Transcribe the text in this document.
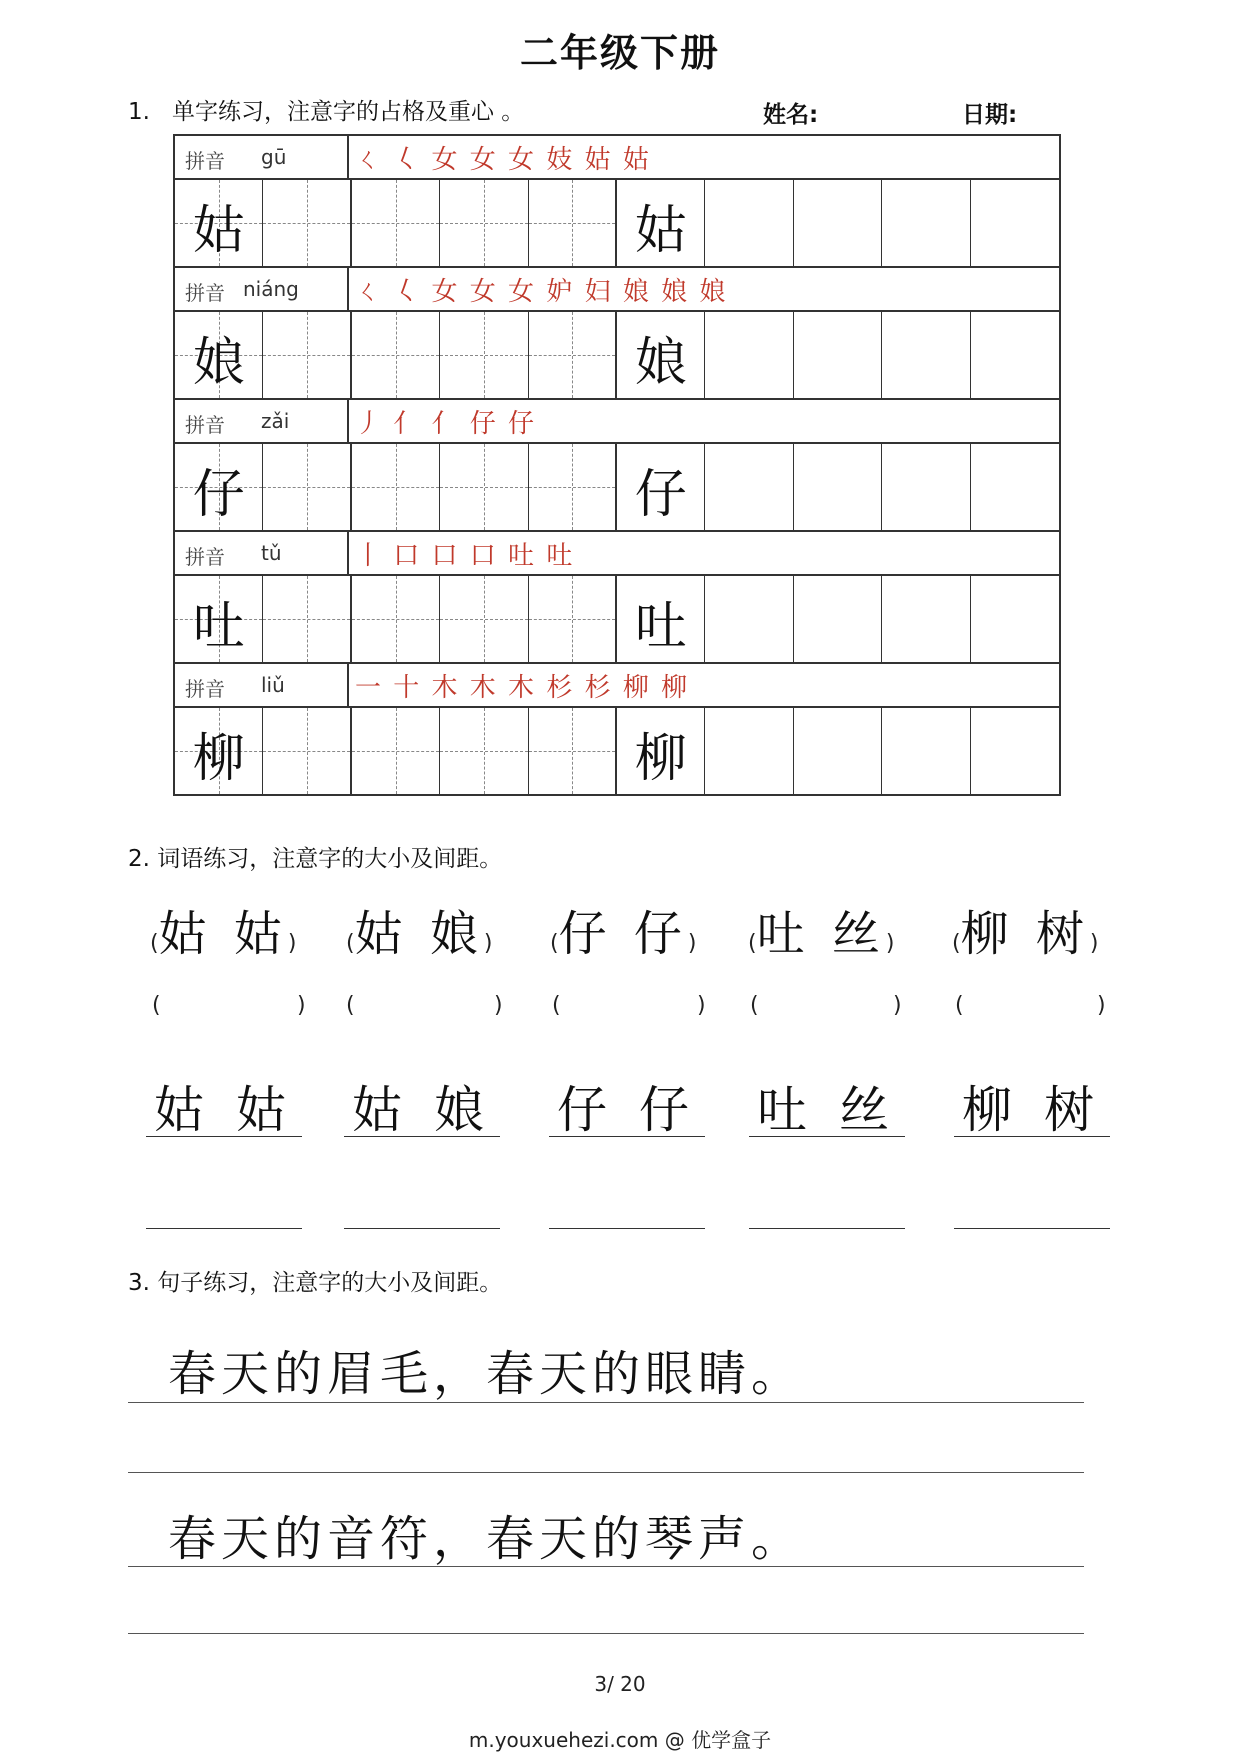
二年级下册
1. 单字练习，注意字的占格及重心 。	姓名:	日期:
拼音 gū	ㄑ 𡿨 女 女 女 妓 姑 姑
姑	姑
拼音 niáng ㄑ 𡿨 女 女 女 妒 妇 娘 娘 娘
娘	娘
拼音 zǎi	丿 亻 亻 仔 仔
仔	仔
拼音 tǔ	丨 口 口 口 吐 吐
吐	吐
拼音 liǔ	一 十 木 木 木 杉 杉 柳 柳
柳	柳
2. 词语练习，注意字的大小及间距。
(姑 姑) (姑 娘)	(仔 仔) (吐 丝)	(柳 树)
(	) (	) (	) (	) (	)
姑 姑 姑 娘 仔 仔 吐 丝 柳 树
3. 句子练习，注意字的大小及间距。
春天的眉毛，春天的眼睛。
春天的音符，春天的琴声。
3/ 20
m.youxuehezi.com @ 优学盒子
